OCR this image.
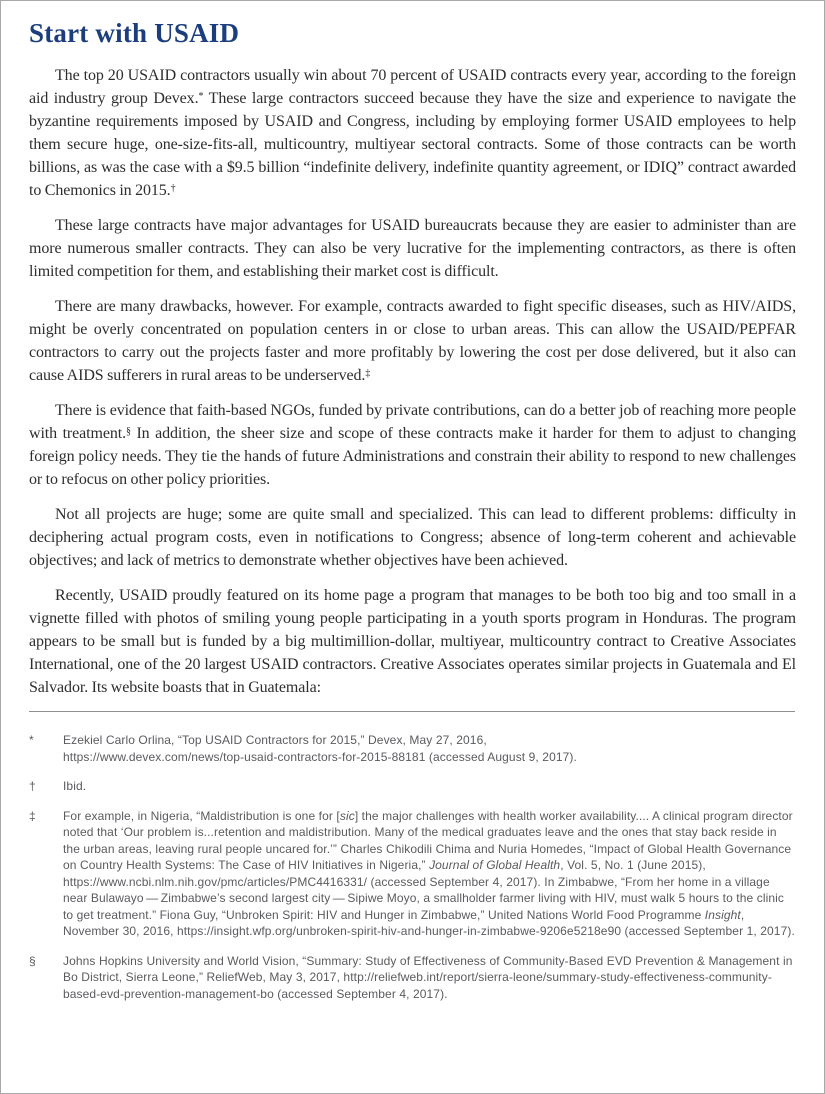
Start with USAID

The top 20 USAID contractors usually win about 70 percent of USAID contracts every year, according to the foreign aid industry group Devex.* These large contractors succeed because they have the size and experience to navigate the byzantine requirements imposed by USAID and Congress, including by employing former USAID employees to help them secure huge, one-size-fits-all, multicountry, multiyear sectoral contracts. Some of those contracts can be worth billions, as was the case with a $9.5 billion “indefinite delivery, indefinite quantity agreement, or IDIQ” contract awarded to Chemonics in 2015.†

These large contracts have major advantages for USAID bureaucrats because they are easier to administer than are more numerous smaller contracts. They can also be very lucrative for the implementing contractors, as there is often limited competition for them, and establishing their market cost is difficult.

There are many drawbacks, however. For example, contracts awarded to fight specific diseases, such as HIV/AIDS, might be overly concentrated on population centers in or close to urban areas. This can allow the USAID/PEPFAR contractors to carry out the projects faster and more profitably by lowering the cost per dose delivered, but it also can cause AIDS sufferers in rural areas to be underserved.‡

There is evidence that faith-based NGOs, funded by private contributions, can do a better job of reaching more people with treatment.§ In addition, the sheer size and scope of these contracts make it harder for them to adjust to changing foreign policy needs. They tie the hands of future Administrations and constrain their ability to respond to new challenges or to refocus on other policy priorities.

Not all projects are huge; some are quite small and specialized. This can lead to different problems: difficulty in deciphering actual program costs, even in notifications to Congress; absence of long-term coherent and achievable objectives; and lack of metrics to demonstrate whether objectives have been achieved.

Recently, USAID proudly featured on its home page a program that manages to be both too big and too small in a vignette filled with photos of smiling young people participating in a youth sports program in Honduras. The program appears to be small but is funded by a big multimillion-dollar, multiyear, multicountry contract to Creative Associates International, one of the 20 largest USAID contractors. Creative Associates operates similar projects in Guatemala and El Salvador. Its website boasts that in Guatemala:

*	Ezekiel Carlo Orlina, “Top USAID Contractors for 2015,” Devex, May 27, 2016,
https://www.devex.com/news/top-usaid-contractors-for-2015-88181 (accessed August 9, 2017).
†	Ibid.
‡	For example, in Nigeria, “Maldistribution is one for [sic] the major challenges with health worker availability.... A clinical program director noted that ‘Our problem is...retention and maldistribution. Many of the medical graduates leave and the ones that stay back reside in the urban areas, leaving rural people uncared for.’” Charles Chikodili Chima and Nuria Homedes, “Impact of Global Health Governance on Country Health Systems: The Case of HIV Initiatives in Nigeria,” Journal of Global Health, Vol. 5, No. 1 (June 2015), https://www.ncbi.nlm.nih.gov/pmc/articles/PMC4416331/ (accessed September 4, 2017). In Zimbabwe, “From her home in a village near Bulawayo — Zimbabwe’s second largest city — Sipiwe Moyo, a smallholder farmer living with HIV, must walk 5 hours to the clinic to get treatment.” Fiona Guy, “Unbroken Spirit: HIV and Hunger in Zimbabwe,” United Nations World Food Programme Insight, November 30, 2016, https://insight.wfp.org/unbroken-spirit-hiv-and-hunger-in-zimbabwe-9206e5218e90 (accessed September 1, 2017).
§	Johns Hopkins University and World Vision, “Summary: Study of Effectiveness of Community-Based EVD Prevention & Management in Bo District, Sierra Leone,” ReliefWeb, May 3, 2017, http://reliefweb.int/report/sierra-leone/summary-study-effectiveness-community-based-evd-prevention-management-bo (accessed September 4, 2017).
